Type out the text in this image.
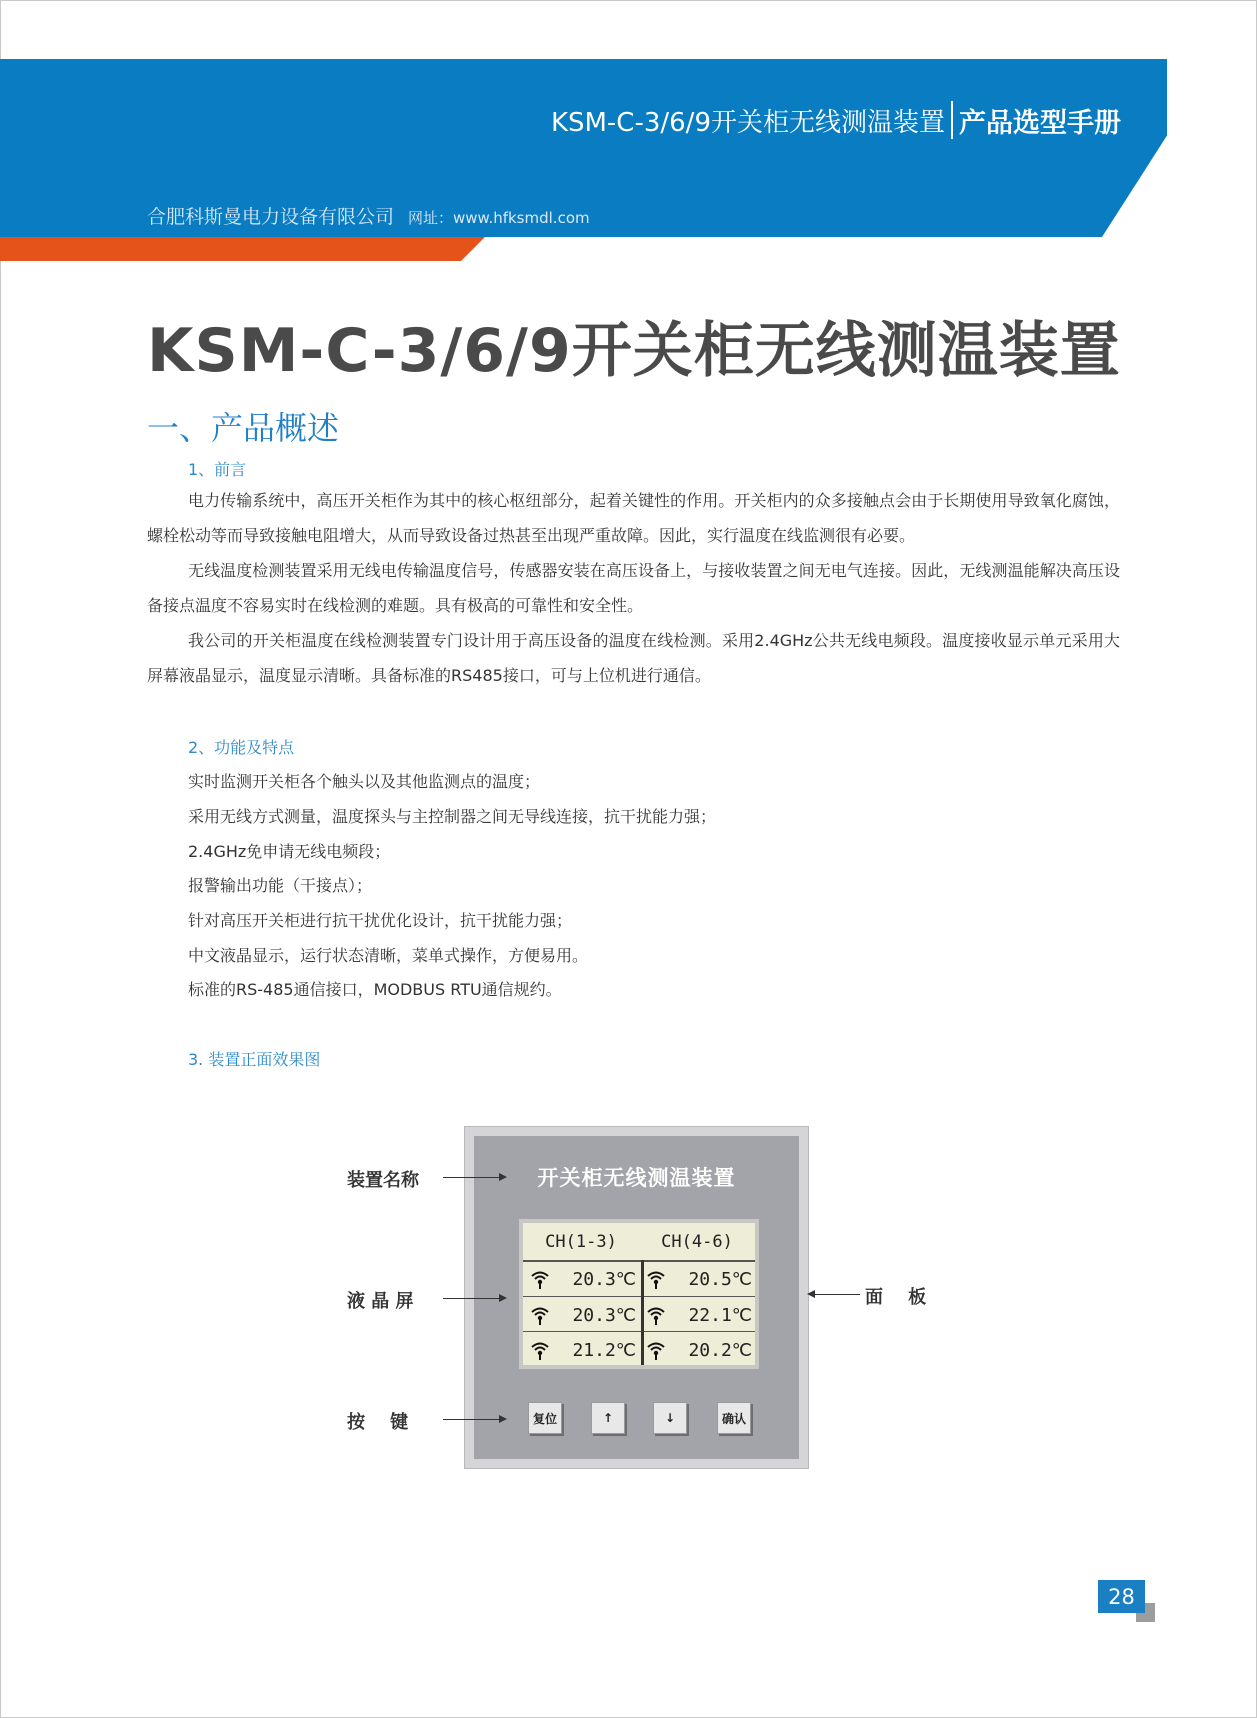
KSM-C-3/6/9开关柜无线测温装置 产品选型手册
合肥科斯曼电力设备有限公司 网址：www.hfksmdl.com
KSM-C-3/6/9开关柜无线测温装置
一、产品概述
1、前言

电力传输系统中，高压开关柜作为其中的核心枢纽部分，起着关键性的作用。开关柜内的众多接触点会由于长期使用导致氧化腐蚀，螺栓松动等而导致接触电阻增大，从而导致设备过热甚至出现严重故障。因此，实行温度在线监测很有必要。

无线温度检测装置采用无线电传输温度信号，传感器安装在高压设备上，与接收装置之间无电气连接。因此，无线测温能解决高压设备接点温度不容易实时在线检测的难题。具有极高的可靠性和安全性。

我公司的开关柜温度在线检测装置专门设计用于高压设备的温度在线检测。采用2.4GHz公共无线电频段。温度接收显示单元采用大屏幕液晶显示，温度显示清晰。具备标准的RS485接口，可与上位机进行通信。

2、功能及特点
实时监测开关柜各个触头以及其他监测点的温度；
采用无线方式测量，温度探头与主控制器之间无导线连接，抗干扰能力强；
2.4GHz免申请无线电频段；
报警输出功能（干接点）；
针对高压开关柜进行抗干扰优化设计，抗干扰能力强；
中文液晶显示，运行状态清晰，菜单式操作，方便易用。
标准的RS-485通信接口，MODBUS RTU通信规约。
3. 装置正面效果图
开关柜无线测温装置
CH(1-3)	CH(4-6)
20.3℃	20.5℃
20.3℃	22.1℃
21.2℃	20.2℃
复位	↑	↓	确认
装置名称
液 晶 屏
按    键
面    板
28
